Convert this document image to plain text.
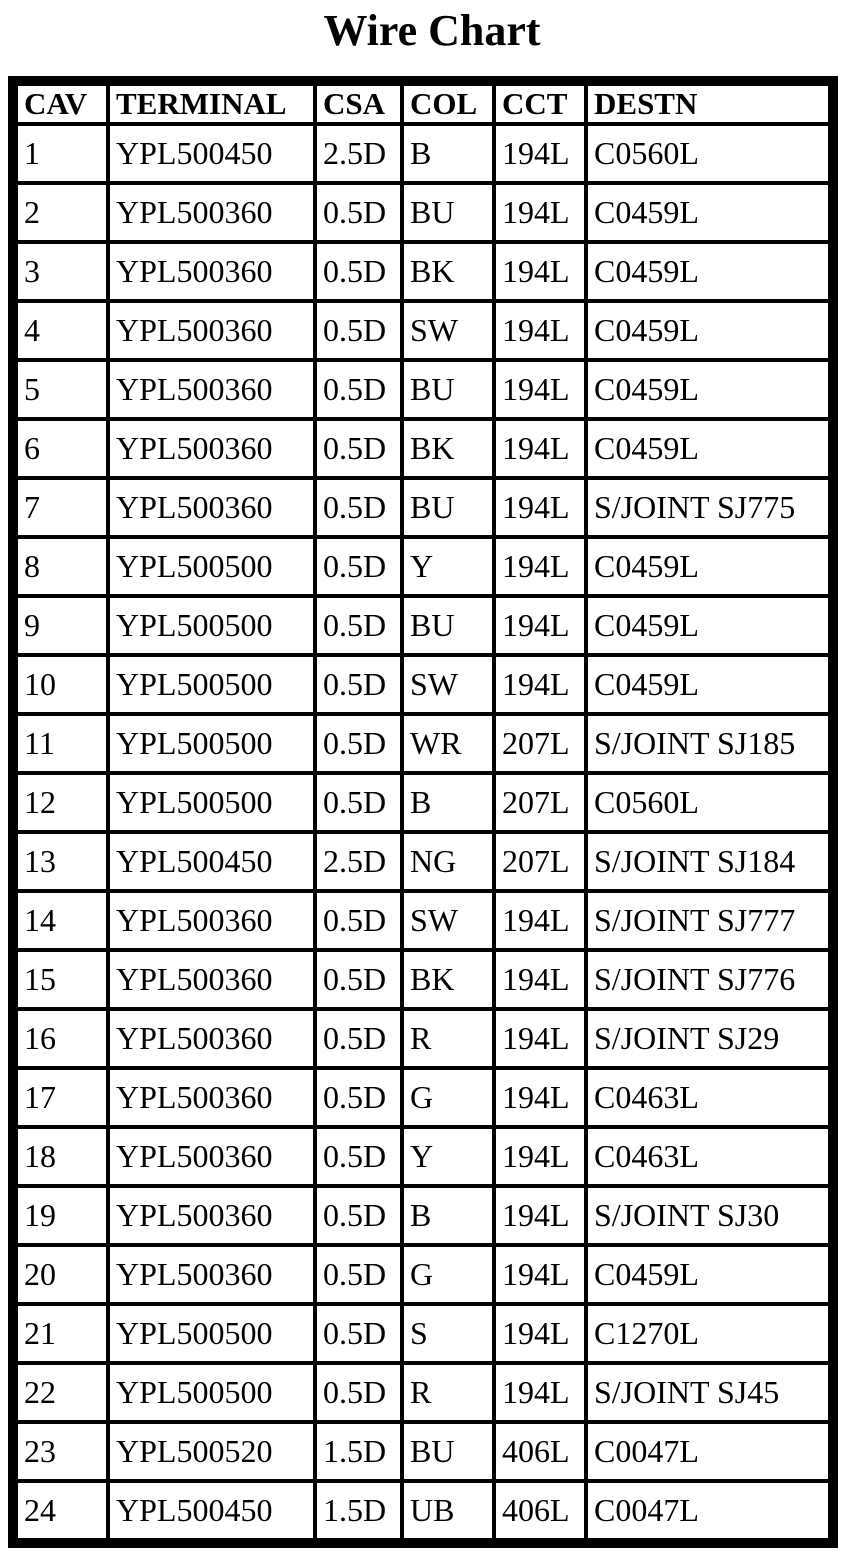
Wire Chart
CAV	TERMINAL	CSA	COL	CCT	DESTN
1	YPL500450	2.5D	B	194L	C0560L
2	YPL500360	0.5D	BU	194L	C0459L
3	YPL500360	0.5D	BK	194L	C0459L
4	YPL500360	0.5D	SW	194L	C0459L
5	YPL500360	0.5D	BU	194L	C0459L
6	YPL500360	0.5D	BK	194L	C0459L
7	YPL500360	0.5D	BU	194L	S/JOINT SJ775
8	YPL500500	0.5D	Y	194L	C0459L
9	YPL500500	0.5D	BU	194L	C0459L
10	YPL500500	0.5D	SW	194L	C0459L
11	YPL500500	0.5D	WR	207L	S/JOINT SJ185
12	YPL500500	0.5D	B	207L	C0560L
13	YPL500450	2.5D	NG	207L	S/JOINT SJ184
14	YPL500360	0.5D	SW	194L	S/JOINT SJ777
15	YPL500360	0.5D	BK	194L	S/JOINT SJ776
16	YPL500360	0.5D	R	194L	S/JOINT SJ29
17	YPL500360	0.5D	G	194L	C0463L
18	YPL500360	0.5D	Y	194L	C0463L
19	YPL500360	0.5D	B	194L	S/JOINT SJ30
20	YPL500360	0.5D	G	194L	C0459L
21	YPL500500	0.5D	S	194L	C1270L
22	YPL500500	0.5D	R	194L	S/JOINT SJ45
23	YPL500520	1.5D	BU	406L	C0047L
24	YPL500450	1.5D	UB	406L	C0047L
